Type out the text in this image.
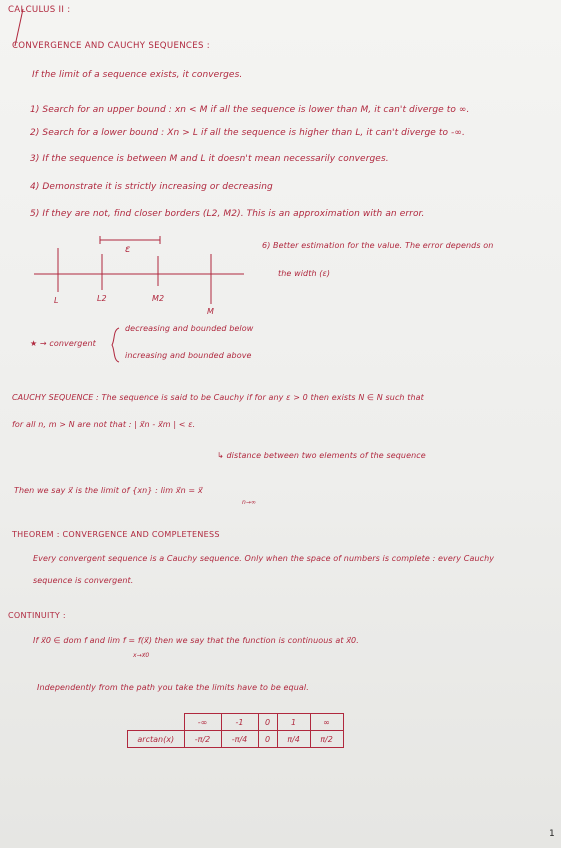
CALCULUS II :
CONVERGENCE AND CAUCHY SEQUENCES :
If the limit of a sequence exists, it converges.
1) Search for an upper bound : xn < M if all the sequence is lower than M, it can't diverge to ∞.
2) Search for a lower bound : Xn > L if all the sequence is higher than L, it can't diverge to -∞.
3) If the sequence is between M and L it doesn't mean necessarily converges.
4) Demonstrate it is strictly increasing or decreasing
5) If they are not, find closer borders (L2, M2). This is an approximation with an error.
ε
L	L2	M2
M
6) Better estimation for the value. The error depends on
the width (ε)
★ → convergent
decreasing and bounded below
increasing and bounded above
CAUCHY SEQUENCE : The sequence is said to be Cauchy if for any ε > 0 then exists N ∈ N such that
for all n, m > N are not that : | x⃗n - x⃗m | < ε.
↳ distance between two elements of the sequence
Then we say x⃗ is the limit of {xn} : lim x⃗n = x⃗
n→∞
THEOREM : CONVERGENCE AND COMPLETENESS
Every convergent sequence is a Cauchy sequence. Only when the space of numbers is complete : every Cauchy
sequence is convergent.
CONTINUITY :
If x⃗0 ∈ dom f and lim f = f(x⃗) then we say that the function is continuous at x⃗0.
x→x⃗0
Independently from the path you take the limits have to be equal.
	-∞	-1	0	1	∞
arctan(x)	-π/2	-π/4	0	π/4	π/2
1
